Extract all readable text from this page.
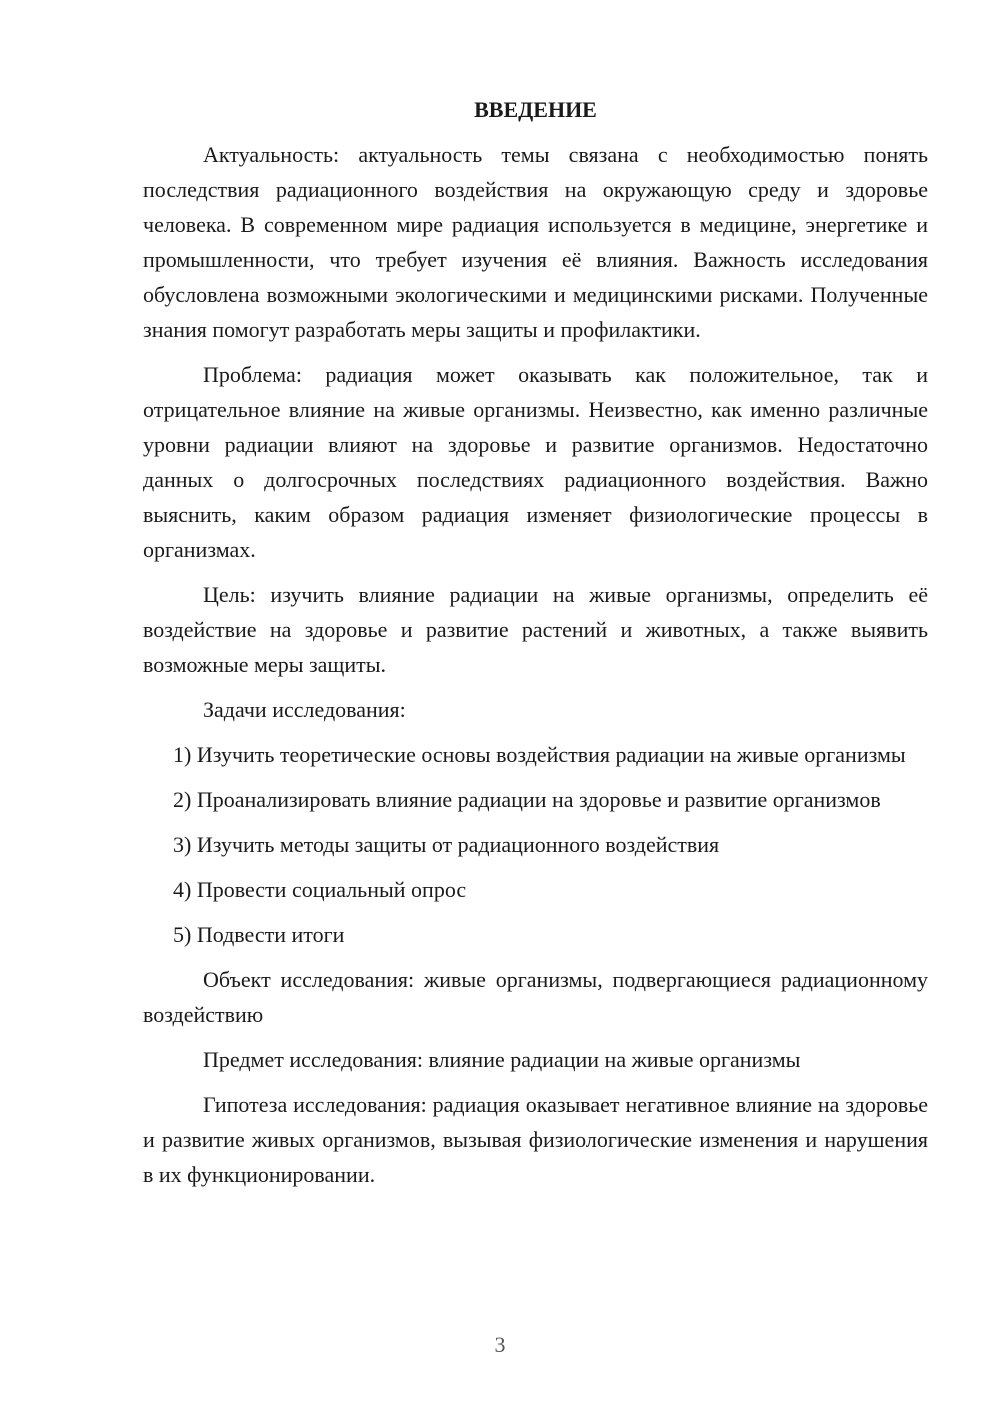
ВВЕДЕНИЕ

Актуальность: актуальность темы связана с необходимостью понять последствия радиационного воздействия на окружающую среду и здоровье человека. В современном мире радиация используется в медицине, энергетике и промышленности, что требует изучения её влияния. Важность исследования обусловлена возможными экологическими и медицинскими рисками. Полученные знания помогут разработать меры защиты и профилактики.

Проблема: радиация может оказывать как положительное, так и отрицательное влияние на живые организмы. Неизвестно, как именно различные уровни радиации влияют на здоровье и развитие организмов. Недостаточно данных о долгосрочных последствиях радиационного воздействия. Важно выяснить, каким образом радиация изменяет физиологические процессы в организмах.

Цель: изучить влияние радиации на живые организмы, определить её воздействие на здоровье и развитие растений и животных, а также выявить возможные меры защиты.

Задачи исследования:

1) Изучить теоретические основы воздействия радиации на живые организмы

2) Проанализировать влияние радиации на здоровье и развитие организмов

3) Изучить методы защиты от радиационного воздействия

4) Провести социальный опрос

5) Подвести итоги

Объект исследования: живые организмы, подвергающиеся радиационному воздействию

Предмет исследования: влияние радиации на живые организмы

Гипотеза исследования: радиация оказывает негативное влияние на здоровье и развитие живых организмов, вызывая физиологические изменения и нарушения в их функционировании.

3
